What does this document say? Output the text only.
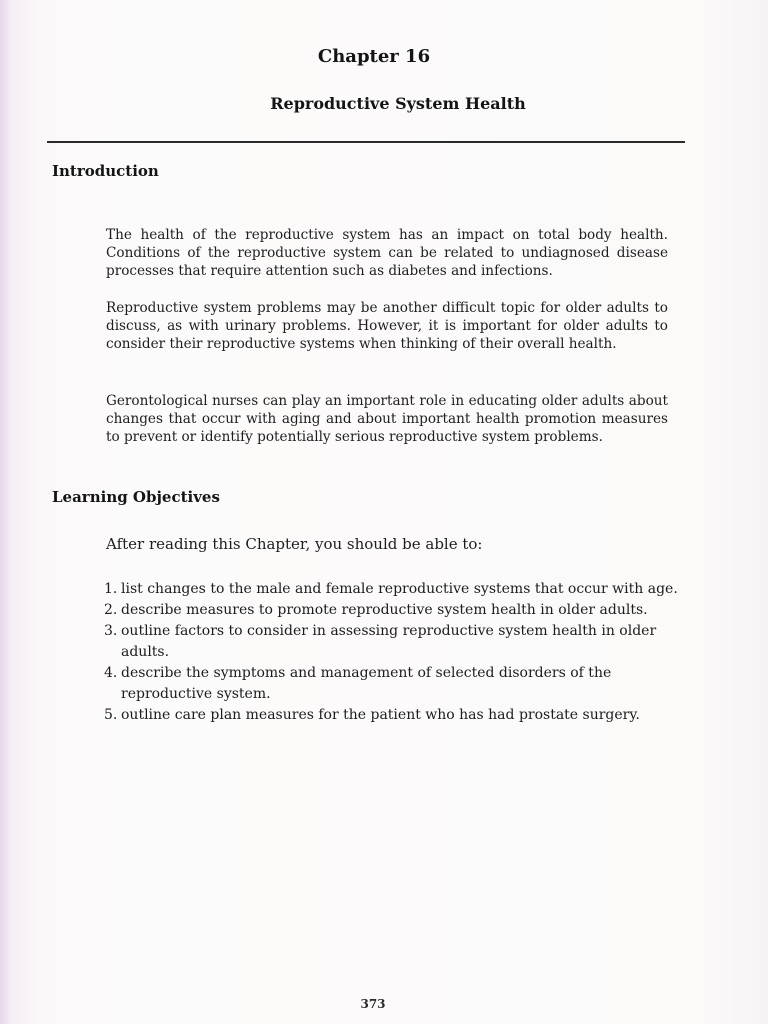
Chapter 16
Reproductive System Health
Introduction

The health of the reproductive system has an impact on total body health. Conditions of the reproductive system can be related to undiagnosed disease processes that require attention such as diabetes and infections.

Reproductive system problems may be another difficult topic for older adults to discuss, as with urinary problems. However, it is important for older adults to consider their reproductive systems when thinking of their overall health.

Gerontological nurses can play an important role in educating older adults about changes that occur with aging and about important health promotion measures to prevent or identify potentially serious reproductive system problems.

Learning Objectives
After reading this Chapter, you should be able to:
1. list changes to the male and female reproductive systems that occur with age.
2. describe measures to promote reproductive system health in older adults.
3. outline factors to consider in assessing reproductive system health in older adults.
4. describe the symptoms and management of selected disorders of the reproductive system.
5. outline care plan measures for the patient who has had prostate surgery.
373
